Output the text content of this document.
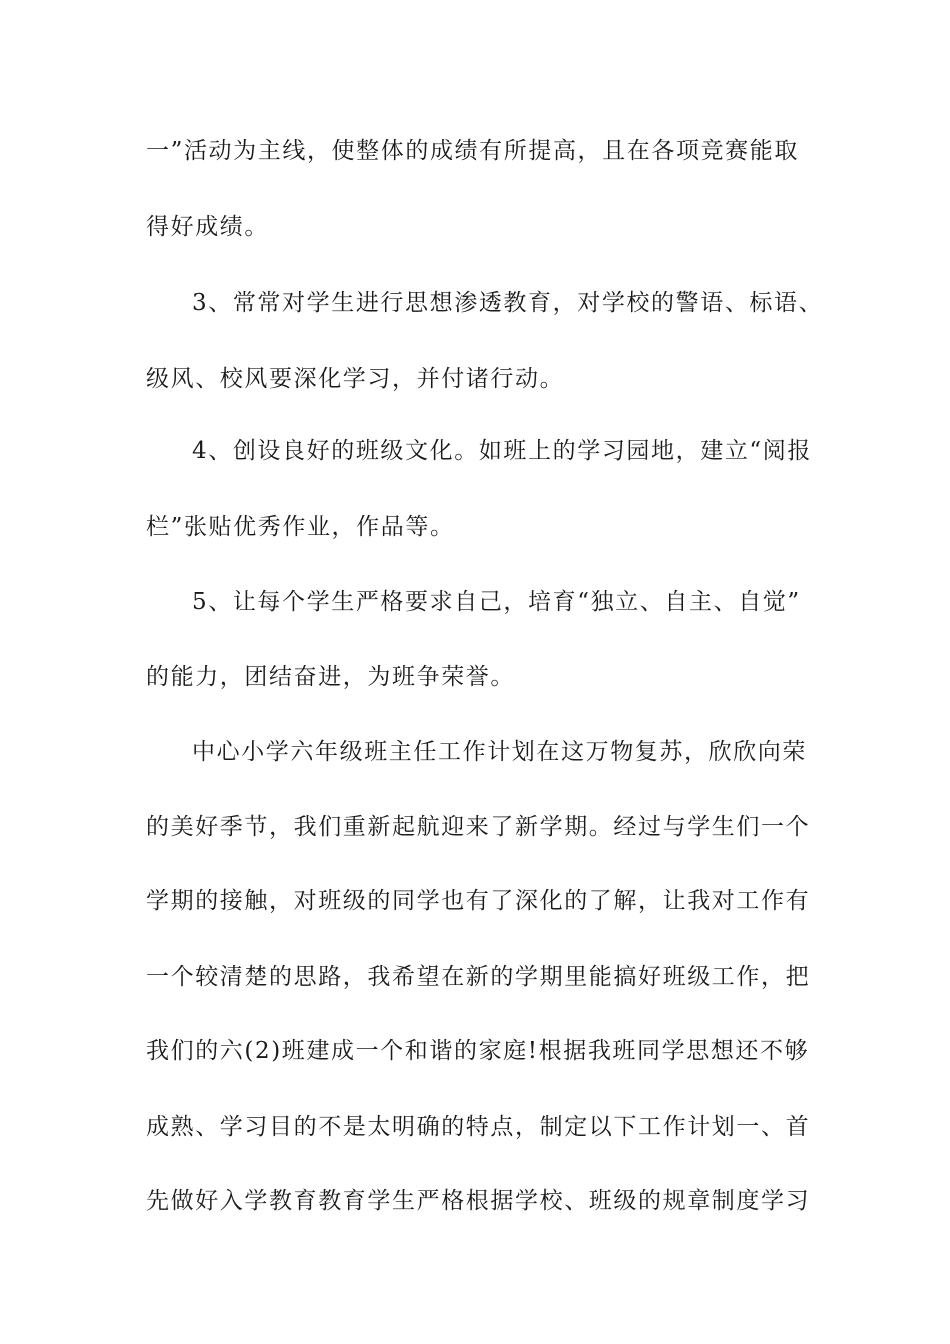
一”活动为主线，使整体的成绩有所提高，且在各项竞赛能取
得好成绩。
3、常常对学生进行思想渗透教育，对学校的警语、标语、
级风、校风要深化学习，并付诸行动。
4、创设良好的班级文化。如班上的学习园地，建立“阅报
栏”张贴优秀作业，作品等。
5、让每个学生严格要求自己，培育“独立、自主、自觉”
的能力，团结奋进，为班争荣誉。
中心小学六年级班主任工作计划在这万物复苏，欣欣向荣
的美好季节，我们重新起航迎来了新学期。经过与学生们一个
学期的接触，对班级的同学也有了深化的了解，让我对工作有
一个较清楚的思路，我希望在新的学期里能搞好班级工作，把
我们的六(2)班建成一个和谐的家庭!根据我班同学思想还不够
成熟、学习目的不是太明确的特点，制定以下工作计划一、首
先做好入学教育教育学生严格根据学校、班级的规章制度学习
